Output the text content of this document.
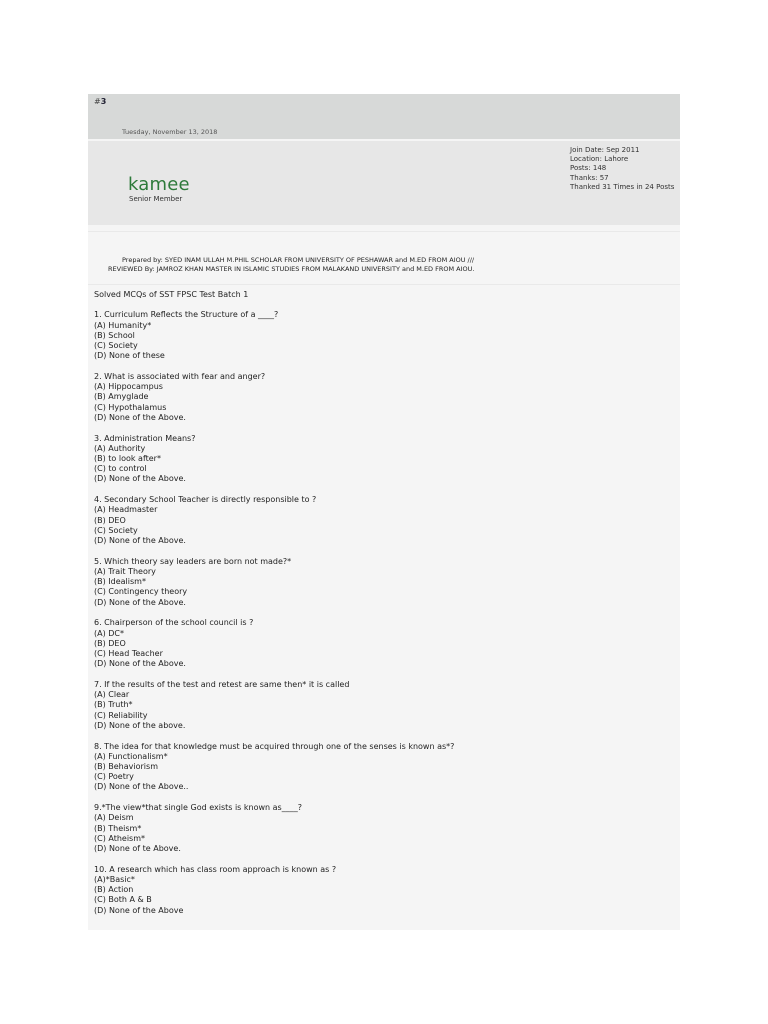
#3
Tuesday, November 13, 2018
kamee
Senior Member
Join Date: Sep 2011
Location: Lahore
Posts: 148
Thanks: 57
Thanked 31 Times in 24 Posts
Prepared by: SYED INAM ULLAH M.PHIL SCHOLAR FROM UNIVERSITY OF PESHAWAR and M.ED FROM AIOU ///
REVIEWED By: JAMROZ KHAN MASTER IN ISLAMIC STUDIES FROM MALAKAND UNIVERSITY and M.ED FROM AIOU.
Solved MCQs of SST FPSC Test Batch 1
1. Curriculum Reflects the Structure of a ____?
(A) Humanity*
(B) School
(C) Society
(D) None of these
2. What is associated with fear and anger?
(A) Hippocampus
(B) Amyglade
(C) Hypothalamus
(D) None of the Above.
3. Administration Means?
(A) Authority
(B) to look after*
(C) to control
(D) None of the Above.
4. Secondary School Teacher is directly responsible to ?
(A) Headmaster
(B) DEO
(C) Society
(D) None of the Above.
5. Which theory say leaders are born not made?*
(A) Trait Theory
(B) Idealism*
(C) Contingency theory
(D) None of the Above.
6. Chairperson of the school council is ?
(A) DC*
(B) DEO
(C) Head Teacher
(D) None of the Above.
7. If the results of the test and retest are same then* it is called
(A) Clear
(B) Truth*
(C) Reliability
(D) None of the above.
8. The idea for that knowledge must be acquired through one of the senses is known as*?
(A) Functionalism*
(B) Behaviorism
(C) Poetry
(D) None of the Above..
9.*The view*that single God exists is known as____?
(A) Deism
(B) Theism*
(C) Atheism*
(D) None of te Above.
10. A research which has class room approach is known as ?
(A)*Basic*
(B) Action
(C) Both A & B
(D) None of the Above
